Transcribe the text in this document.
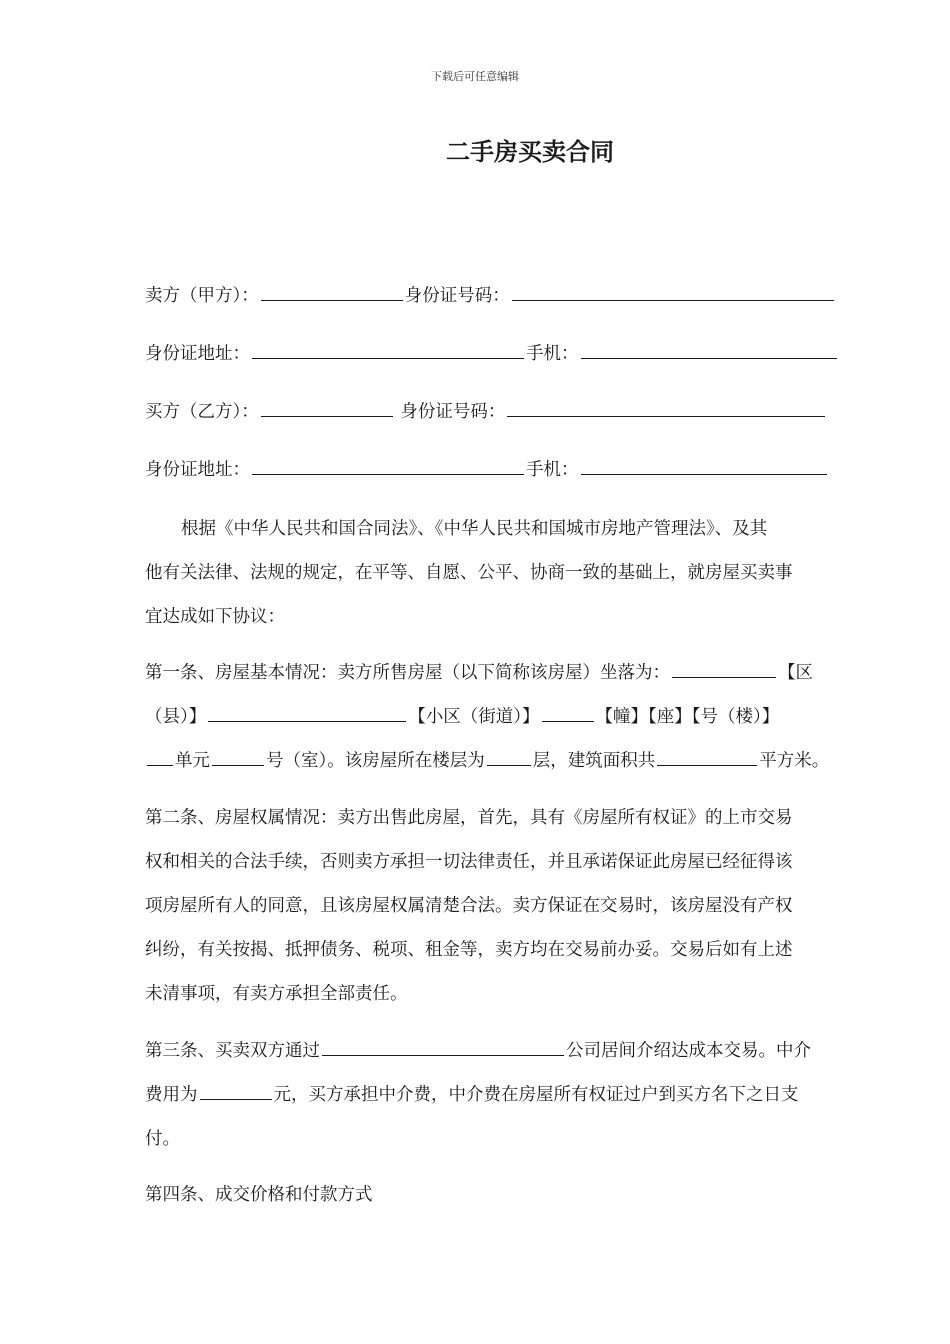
下载后可任意编辑
二手房买卖合同
卖方（甲方）：	身份证号码：
身份证地址：	手机：
买方（乙方）：	身份证号码：
身份证地址：	手机：
根据《中华人民共和国合同法》、《中华人民共和国城市房地产管理法》、及其
他有关法律、法规的规定，在平等、自愿、公平、协商一致的基础上，就房屋买卖事
宜达成如下协议：
第一条、房屋基本情况：卖方所售房屋（以下简称该房屋）坐落为：	【区
（县）】	【小区（街道）】	【幢】【座】【号（楼）】
单元	号（室）。该房屋所在楼层为	层，建筑面积共	平方米。
第二条、房屋权属情况：卖方出售此房屋，首先，具有《房屋所有权证》的上市交易
权和相关的合法手续，否则卖方承担一切法律责任，并且承诺保证此房屋已经征得该
项房屋所有人的同意，且该房屋权属清楚合法。卖方保证在交易时，该房屋没有产权
纠纷，有关按揭、抵押债务、税项、租金等，卖方均在交易前办妥。交易后如有上述
未清事项，有卖方承担全部责任。
第三条、买卖双方通过	公司居间介绍达成本交易。中介
费用为	元，买方承担中介费，中介费在房屋所有权证过户到买方名下之日支
付。
第四条、成交价格和付款方式
